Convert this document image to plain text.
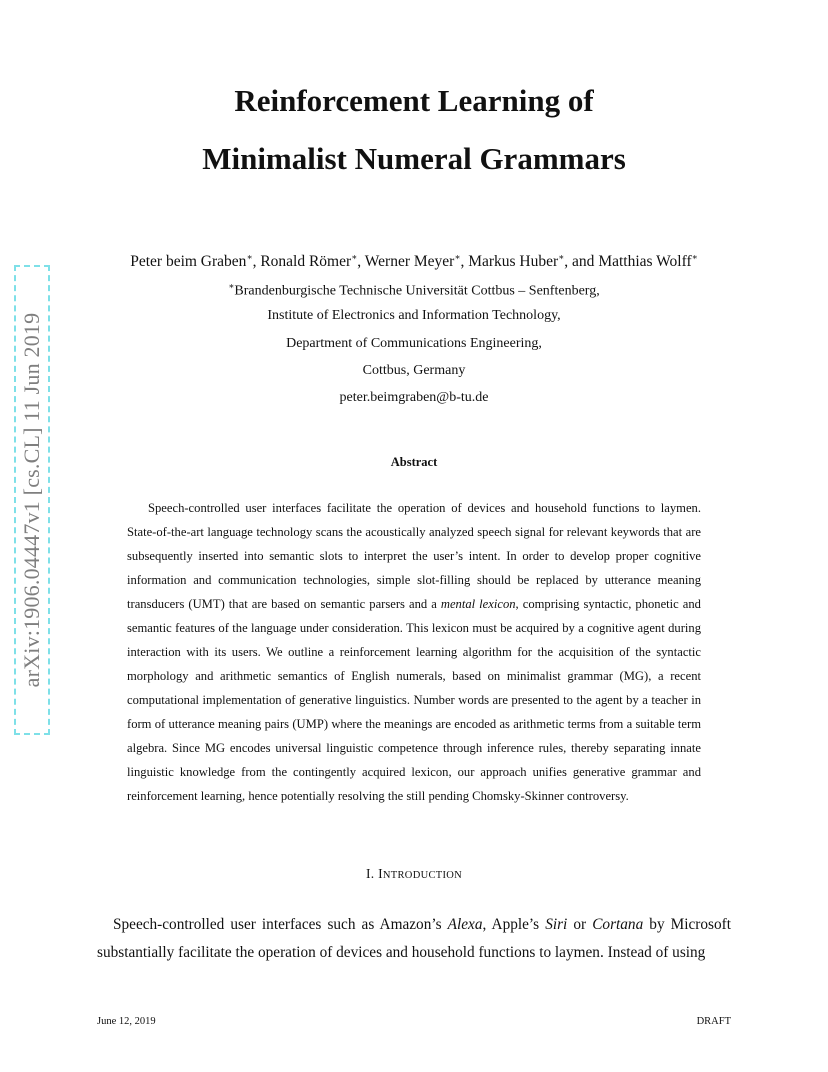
arXiv:1906.04447v1 [cs.CL] 11 Jun 2019
Reinforcement Learning of
Minimalist Numeral Grammars
Peter beim Graben∗, Ronald Römer∗, Werner Meyer∗, Markus Huber∗, and Matthias Wolff∗
∗Brandenburgische Technische Universität Cottbus – Senftenberg,
Institute of Electronics and Information Technology,
Department of Communications Engineering,
Cottbus, Germany
peter.beimgraben@b-tu.de
Abstract

Speech-controlled user interfaces facilitate the operation of devices and household functions to laymen. State-of-the-art language technology scans the acoustically analyzed speech signal for relevant keywords that are subsequently inserted into semantic slots to interpret the user’s intent. In order to develop proper cognitive information and communication technologies, simple slot-filling should be replaced by utterance meaning transducers (UMT) that are based on semantic parsers and a mental lexicon, comprising syntactic, phonetic and semantic features of the language under consideration. This lexicon must be acquired by a cognitive agent during interaction with its users. We outline a reinforcement learning algorithm for the acquisition of the syntactic morphology and arithmetic semantics of English numerals, based on minimalist grammar (MG), a recent computational implementation of generative linguistics. Number words are presented to the agent by a teacher in form of utterance meaning pairs (UMP) where the meanings are encoded as arithmetic terms from a suitable term algebra. Since MG encodes universal linguistic competence through inference rules, thereby separating innate linguistic knowledge from the contingently acquired lexicon, our approach unifies generative grammar and reinforcement learning, hence potentially resolving the still pending Chomsky-Skinner controversy.

I. INTRODUCTION

Speech-controlled user interfaces such as Amazon’s Alexa, Apple’s Siri or Cortana by Microsoft substantially facilitate the operation of devices and household functions to laymen. Instead of using

June 12, 2019	DRAFT
